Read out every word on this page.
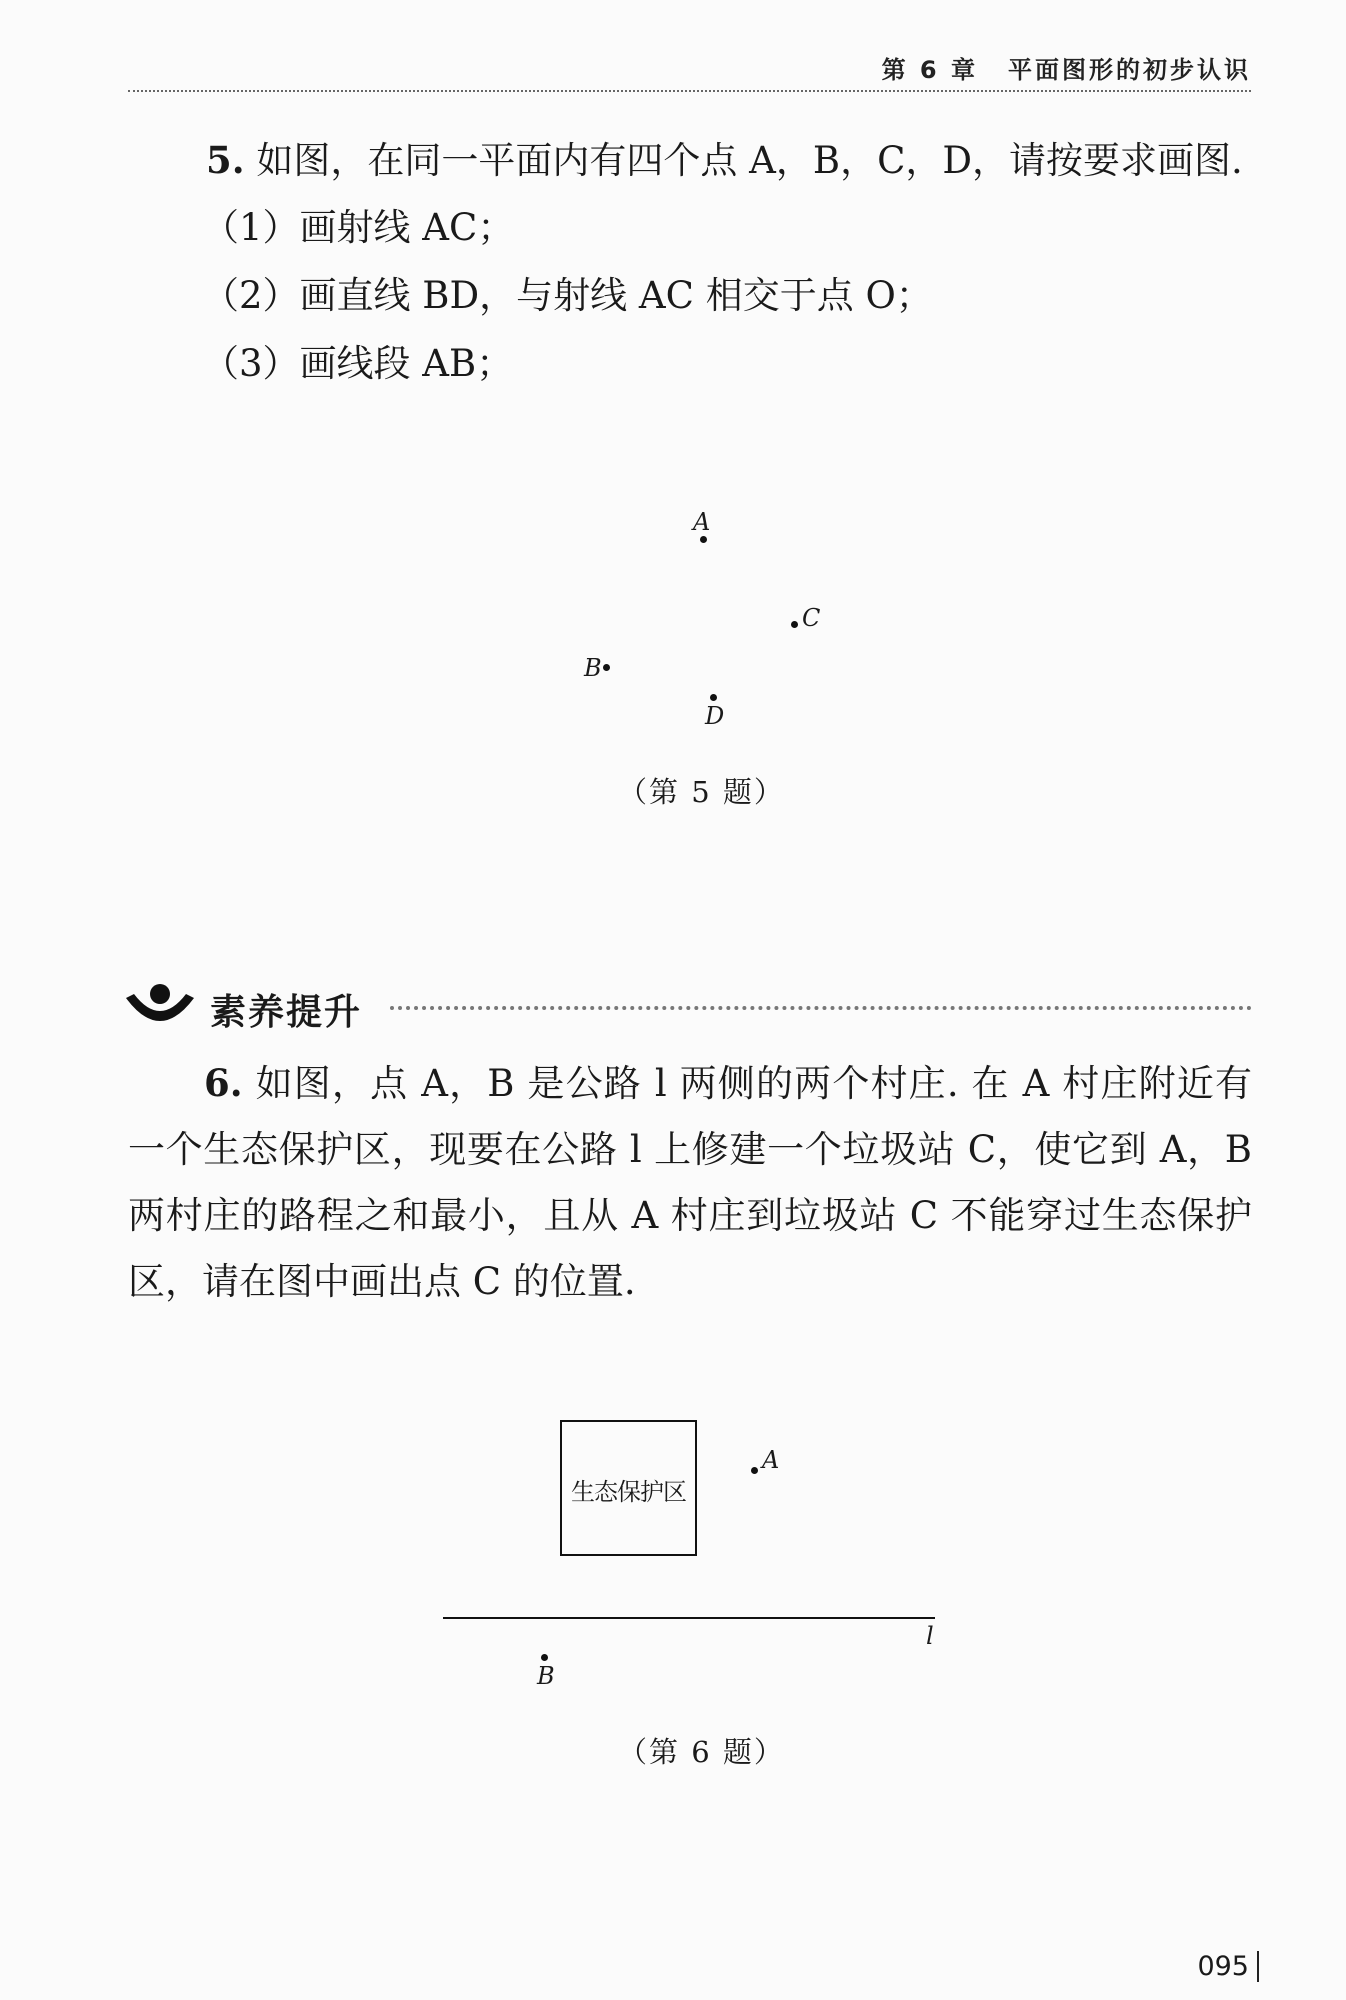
第 6 章 平面图形的初步认识
5. 如图，在同一平面内有四个点 A，B，C，D，请按要求画图.
（1）画射线 AC；
（2）画直线 BD，与射线 AC 相交于点 O；
（3）画线段 AB；
A
C
B
D
（第 5 题）
素养提升
6. 如图，点 A，B 是公路 l 两侧的两个村庄. 在 A 村庄附近有一个生态保护区，现要在公路 l 上修建一个垃圾站 C，使它到 A，B 两村庄的路程之和最小，且从 A 村庄到垃圾站 C 不能穿过生态保护区，请在图中画出点 C 的位置.
生态保护区
A
l
B
（第 6 题）
095
